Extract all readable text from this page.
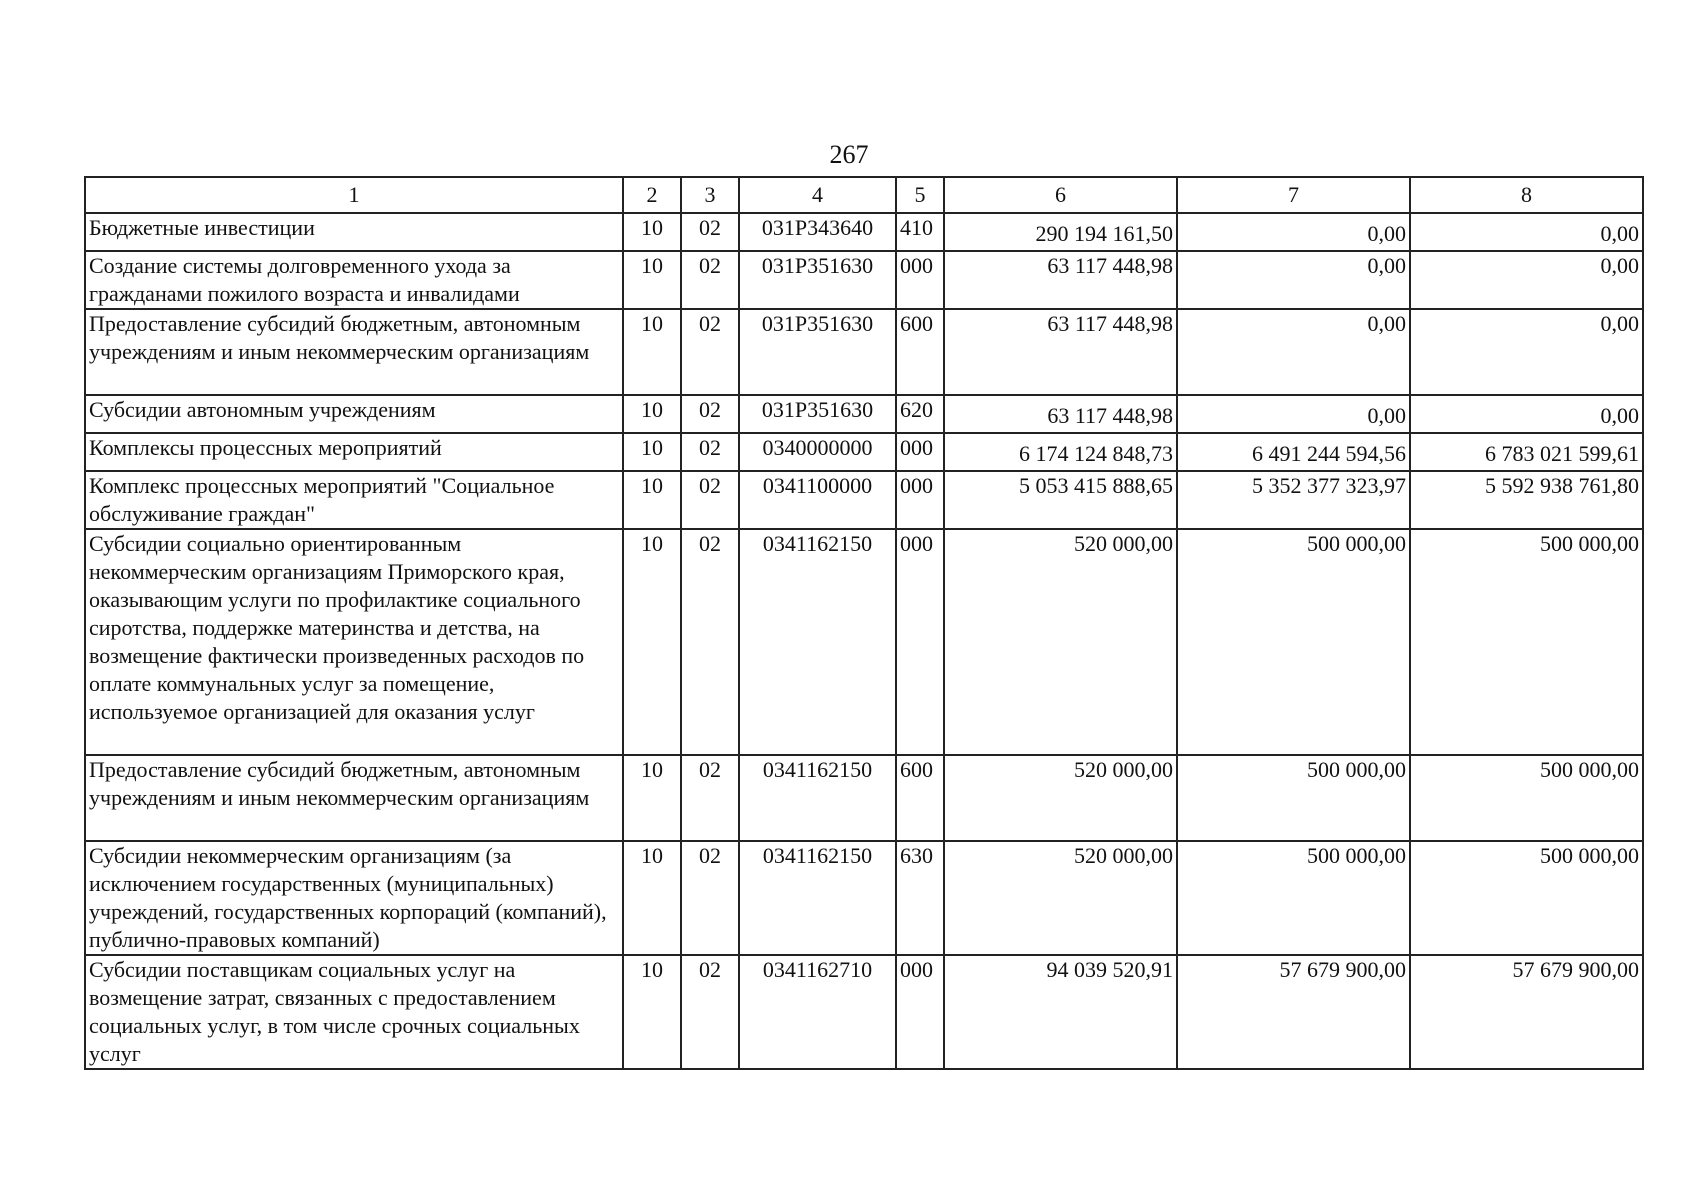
267
1	2	3	4	5	6	7	8
Бюджетные инвестиции	10	02	031Р343640	410	290 194 161,50	0,00	0,00
Создание системы долговременного ухода за гражданами пожилого возраста и инвалидами	10	02	031Р351630	000	63 117 448,98	0,00	0,00
Предоставление субсидий бюджетным, автономным учреждениям и иным некоммерческим организациям	10	02	031Р351630	600	63 117 448,98	0,00	0,00
Субсидии автономным учреждениям	10	02	031Р351630	620	63 117 448,98	0,00	0,00
Комплексы процессных мероприятий	10	02	0340000000	000	6 174 124 848,73	6 491 244 594,56	6 783 021 599,61
Комплекс процессных мероприятий "Социальное обслуживание граждан"	10	02	0341100000	000	5 053 415 888,65	5 352 377 323,97	5 592 938 761,80
Субсидии социально ориентированным некоммерческим организациям Приморского края, оказывающим услуги по профилактике социального сиротства, поддержке материнства и детства, на возмещение фактически произведенных расходов по оплате коммунальных услуг за помещение, используемое организацией для оказания услуг	10	02	0341162150	000	520 000,00	500 000,00	500 000,00
Предоставление субсидий бюджетным, автономным учреждениям и иным некоммерческим организациям	10	02	0341162150	600	520 000,00	500 000,00	500 000,00
Субсидии некоммерческим организациям (за исключением государственных (муниципальных) учреждений, государственных корпораций (компаний), публично-правовых компаний)	10	02	0341162150	630	520 000,00	500 000,00	500 000,00
Субсидии поставщикам социальных услуг на возмещение затрат, связанных с предоставлением социальных услуг, в том числе срочных социальных услуг	10	02	0341162710	000	94 039 520,91	57 679 900,00	57 679 900,00
